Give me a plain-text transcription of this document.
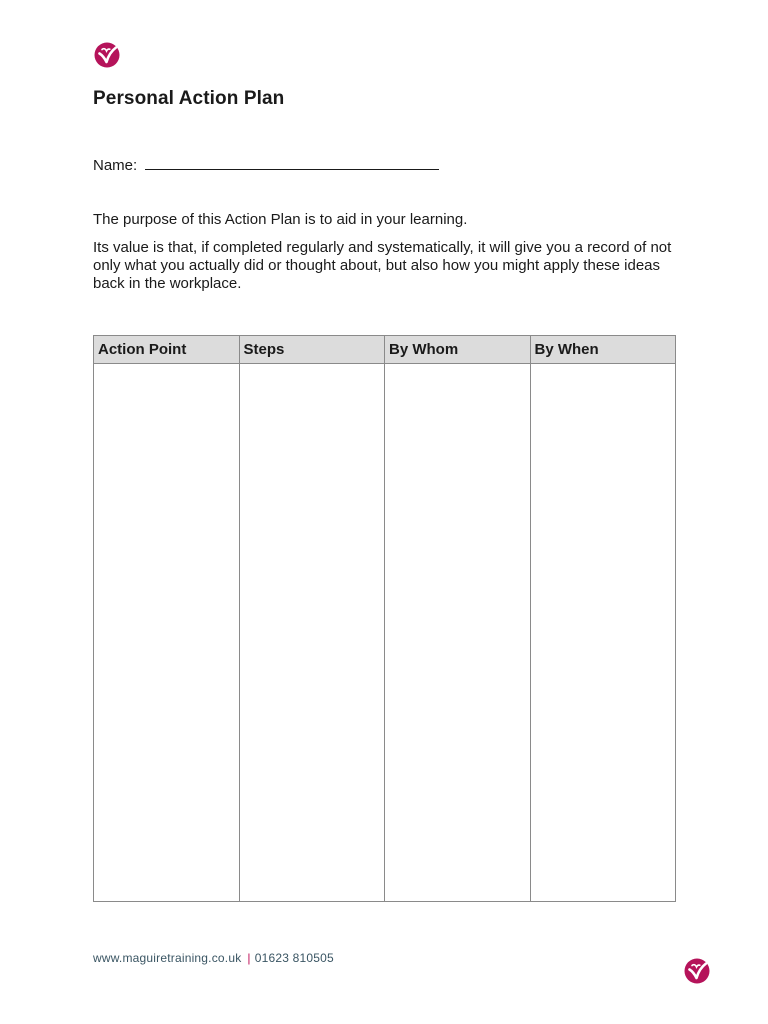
Personal Action Plan
Name:

The purpose of this Action Plan is to aid in your learning.

Its value is that, if completed regularly and systematically, it will give you a record of not only what you actually did or thought about, but also how you might apply these ideas back in the workplace.

Action Point	Steps	By Whom	By When

www.maguiretraining.co.uk | 01623 810505
